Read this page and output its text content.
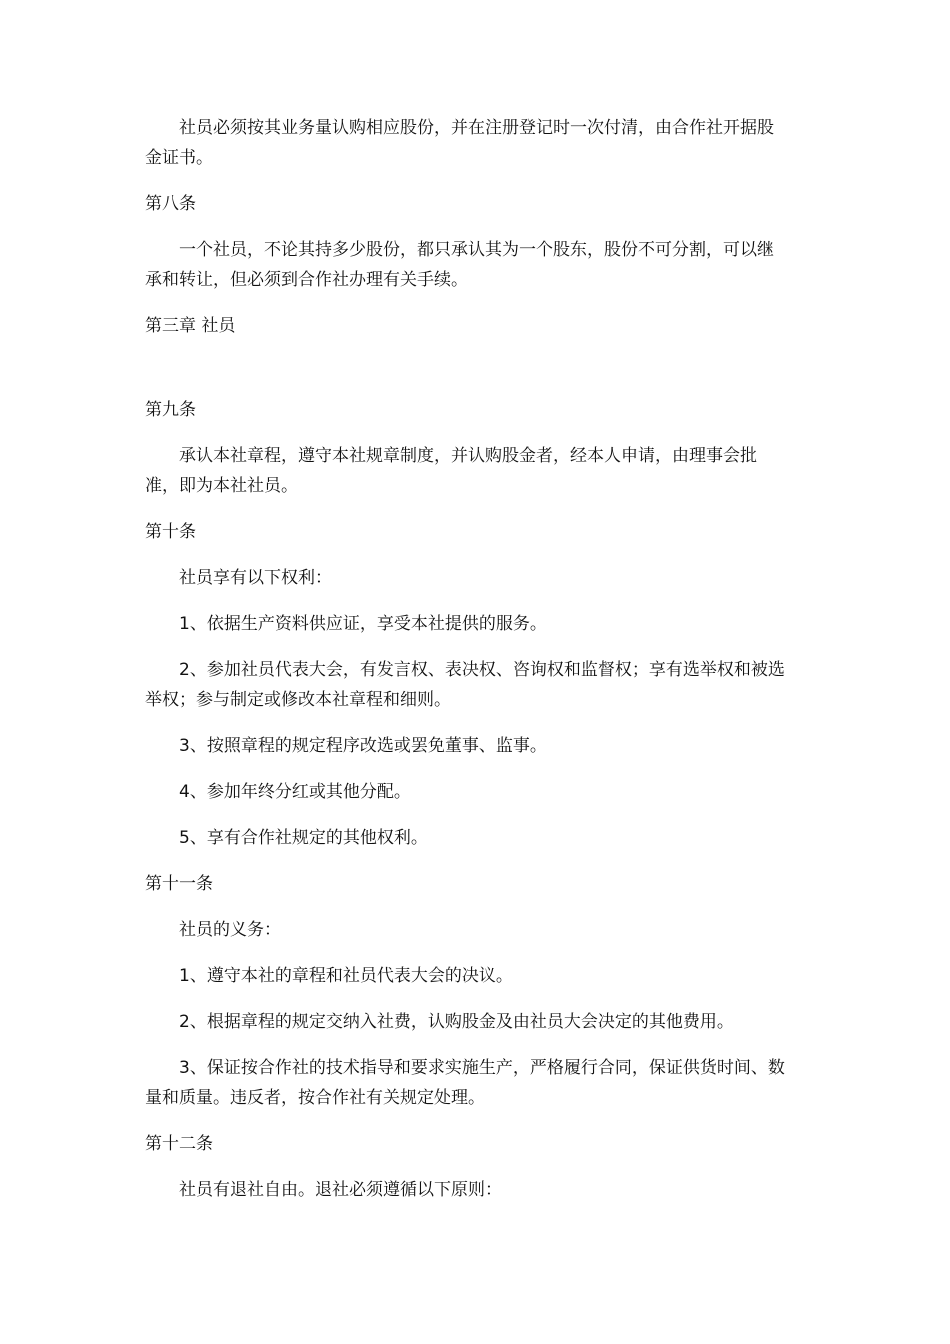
社员必须按其业务量认购相应股份，并在注册登记时一次付清，由合作社开据股

金证书。

第八条

一个社员，不论其持多少股份，都只承认其为一个股东，股份不可分割，可以继

承和转让，但必须到合作社办理有关手续。

第三章 社员

第九条

承认本社章程，遵守本社规章制度，并认购股金者，经本人申请，由理事会批

准，即为本社社员。

第十条

社员享有以下权利：

1、依据生产资料供应证，享受本社提供的服务。

2、参加社员代表大会，有发言权、表决权、咨询权和监督权；享有选举权和被选

举权；参与制定或修改本社章程和细则。

3、按照章程的规定程序改选或罢免董事、监事。

4、参加年终分红或其他分配。

5、享有合作社规定的其他权利。

第十一条

社员的义务：

1、遵守本社的章程和社员代表大会的决议。

2、根据章程的规定交纳入社费，认购股金及由社员大会决定的其他费用。

3、保证按合作社的技术指导和要求实施生产，严格履行合同，保证供货时间、数

量和质量。违反者，按合作社有关规定处理。

第十二条

社员有退社自由。退社必须遵循以下原则：
